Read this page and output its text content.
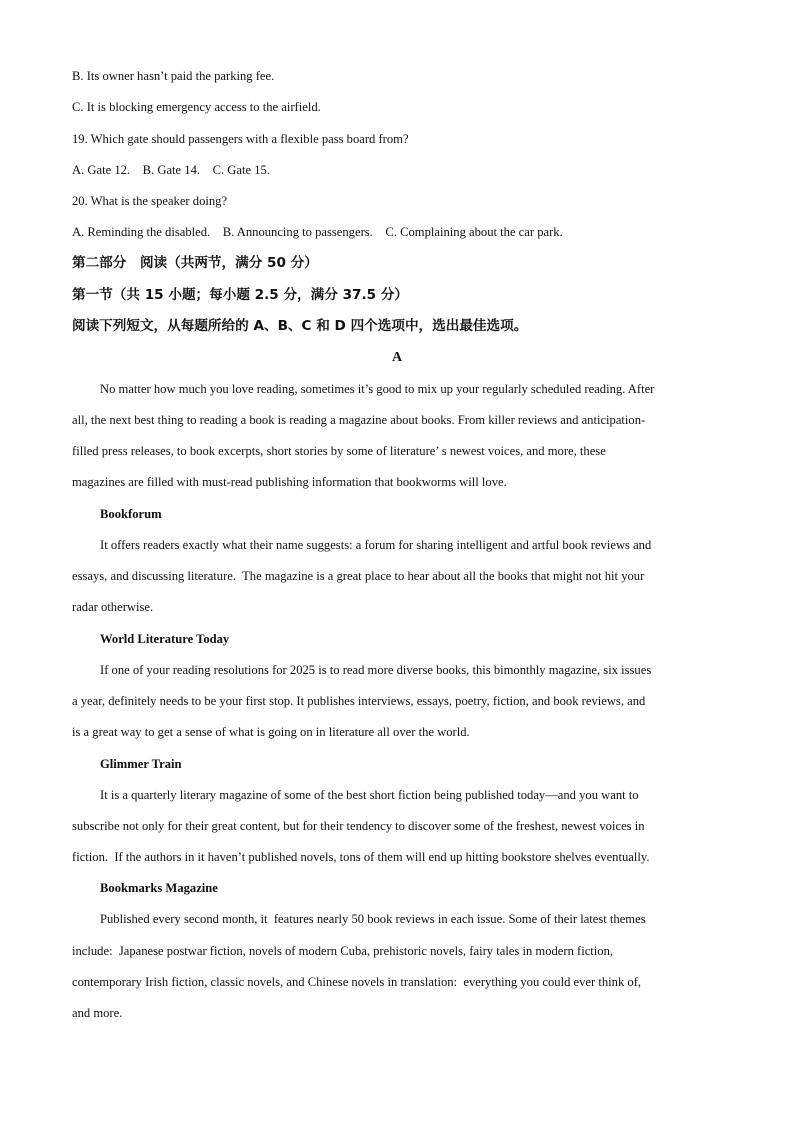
B. Its owner hasn’t paid the parking fee.
C. It is blocking emergency access to the airfield.
19. Which gate should passengers with a flexible pass board from?
A. Gate 12.    B. Gate 14.    C. Gate 15.
20. What is the speaker doing?
A. Reminding the disabled.    B. Announcing to passengers.    C. Complaining about the car park.
第二部分　阅读（共两节，满分 50 分）
第一节（共 15 小题；每小题 2.5 分，满分 37.5 分）
阅读下列短文，从每题所给的 A、B、C 和 D 四个选项中，选出最佳选项。
A
No matter how much you love reading, sometimes it’s good to mix up your regularly scheduled reading. After
all, the next best thing to reading a book is reading a magazine about books. From killer reviews and anticipation-
filled press releases, to book excerpts, short stories by some of literature’ s newest voices, and more, these
magazines are filled with must-read publishing information that bookworms will love.
Bookforum
It offers readers exactly what their name suggests: a forum for sharing intelligent and artful book reviews and
essays, and discussing literature.  The magazine is a great place to hear about all the books that might not hit your
radar otherwise.
World Literature Today
If one of your reading resolutions for 2025 is to read more diverse books, this bimonthly magazine, six issues
a year, definitely needs to be your first stop. It publishes interviews, essays, poetry, fiction, and book reviews, and
is a great way to get a sense of what is going on in literature all over the world.
Glimmer Train
It is a quarterly literary magazine of some of the best short fiction being published today—and you want to
subscribe not only for their great content, but for their tendency to discover some of the freshest, newest voices in
fiction.  If the authors in it haven’t published novels, tons of them will end up hitting bookstore shelves eventually.
Bookmarks Magazine
Published every second month, it  features nearly 50 book reviews in each issue. Some of their latest themes
include:  Japanese postwar fiction, novels of modern Cuba, prehistoric novels, fairy tales in modern fiction,
contemporary Irish fiction, classic novels, and Chinese novels in translation:  everything you could ever think of,
and more.
